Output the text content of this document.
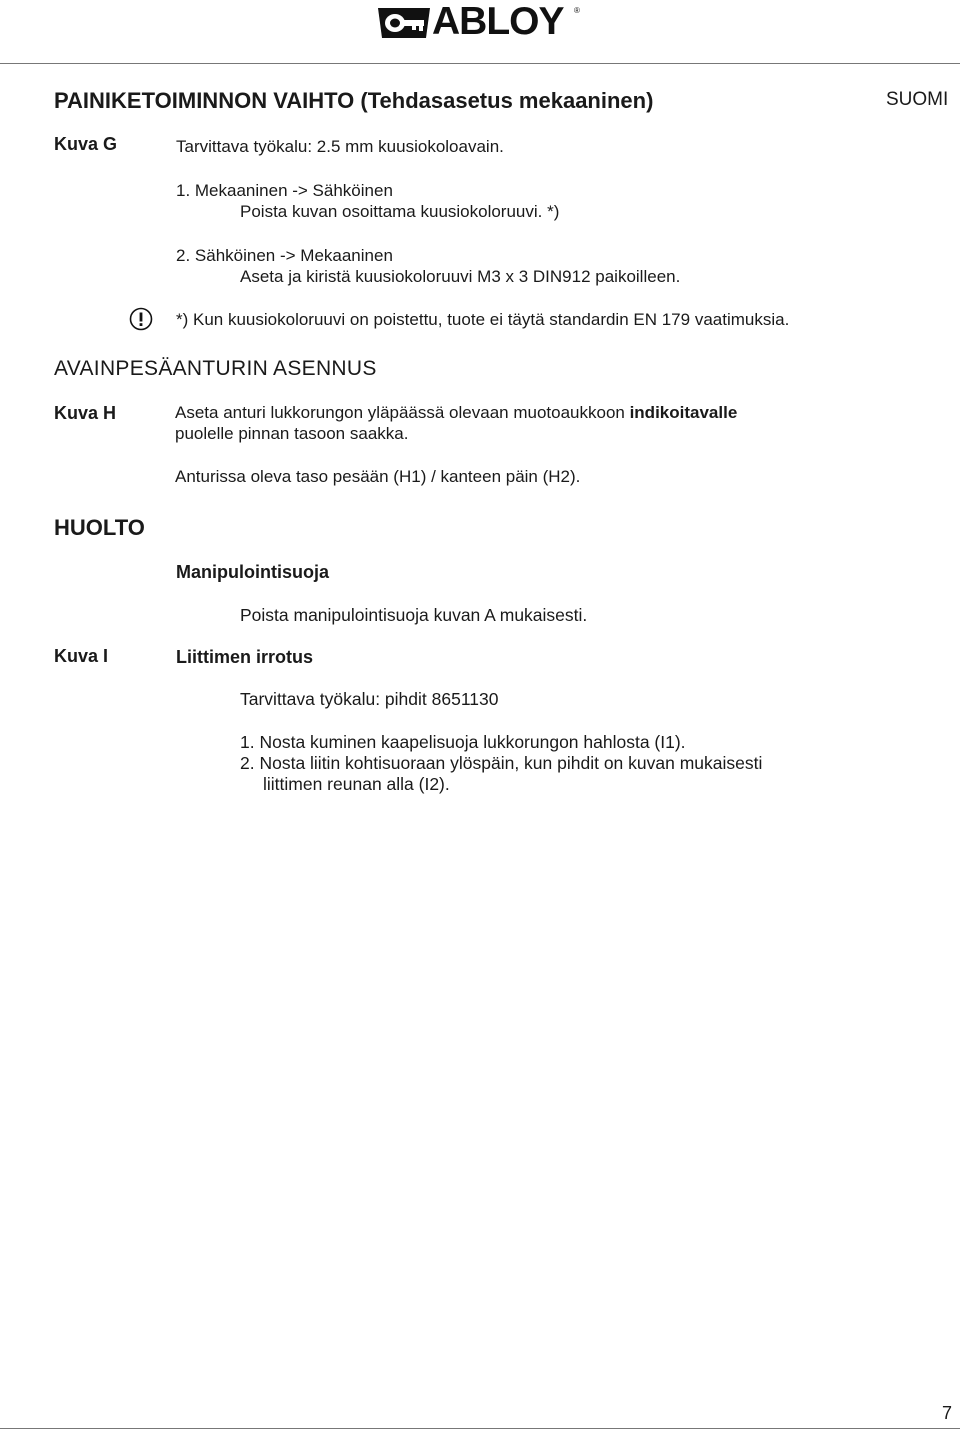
ABLOY ®
PAINIKETOIMINNON VAIHTO (Tehdasasetus mekaaninen)	SUOMI
Kuva G	Tarvittava työkalu: 2.5 mm kuusiokoloavain.
1. Mekaaninen -> Sähköinen
Poista kuvan osoittama kuusiokoloruuvi. *)
2. Sähköinen -> Mekaaninen
Aseta ja kiristä kuusiokoloruuvi M3 x 3 DIN912 paikoilleen.
*) Kun kuusiokoloruuvi on poistettu, tuote ei täytä standardin EN 179 vaatimuksia.
AVAINPESÄANTURIN ASENNUS
Kuva H	Aseta anturi lukkorungon yläpäässä olevaan muotoaukkoon indikoitavalle
puolelle pinnan tasoon saakka.
Anturissa oleva taso pesään (H1) / kanteen päin (H2).
HUOLTO
Manipulointisuoja
Poista manipulointisuoja kuvan A mukaisesti.
Kuva I	Liittimen irrotus
Tarvittava työkalu: pihdit 8651130
1. Nosta kuminen kaapelisuoja lukkorungon hahlosta (I1).
2. Nosta liitin kohtisuoraan ylöspäin, kun pihdit on kuvan mukaisesti
liittimen reunan alla (I2).
7
